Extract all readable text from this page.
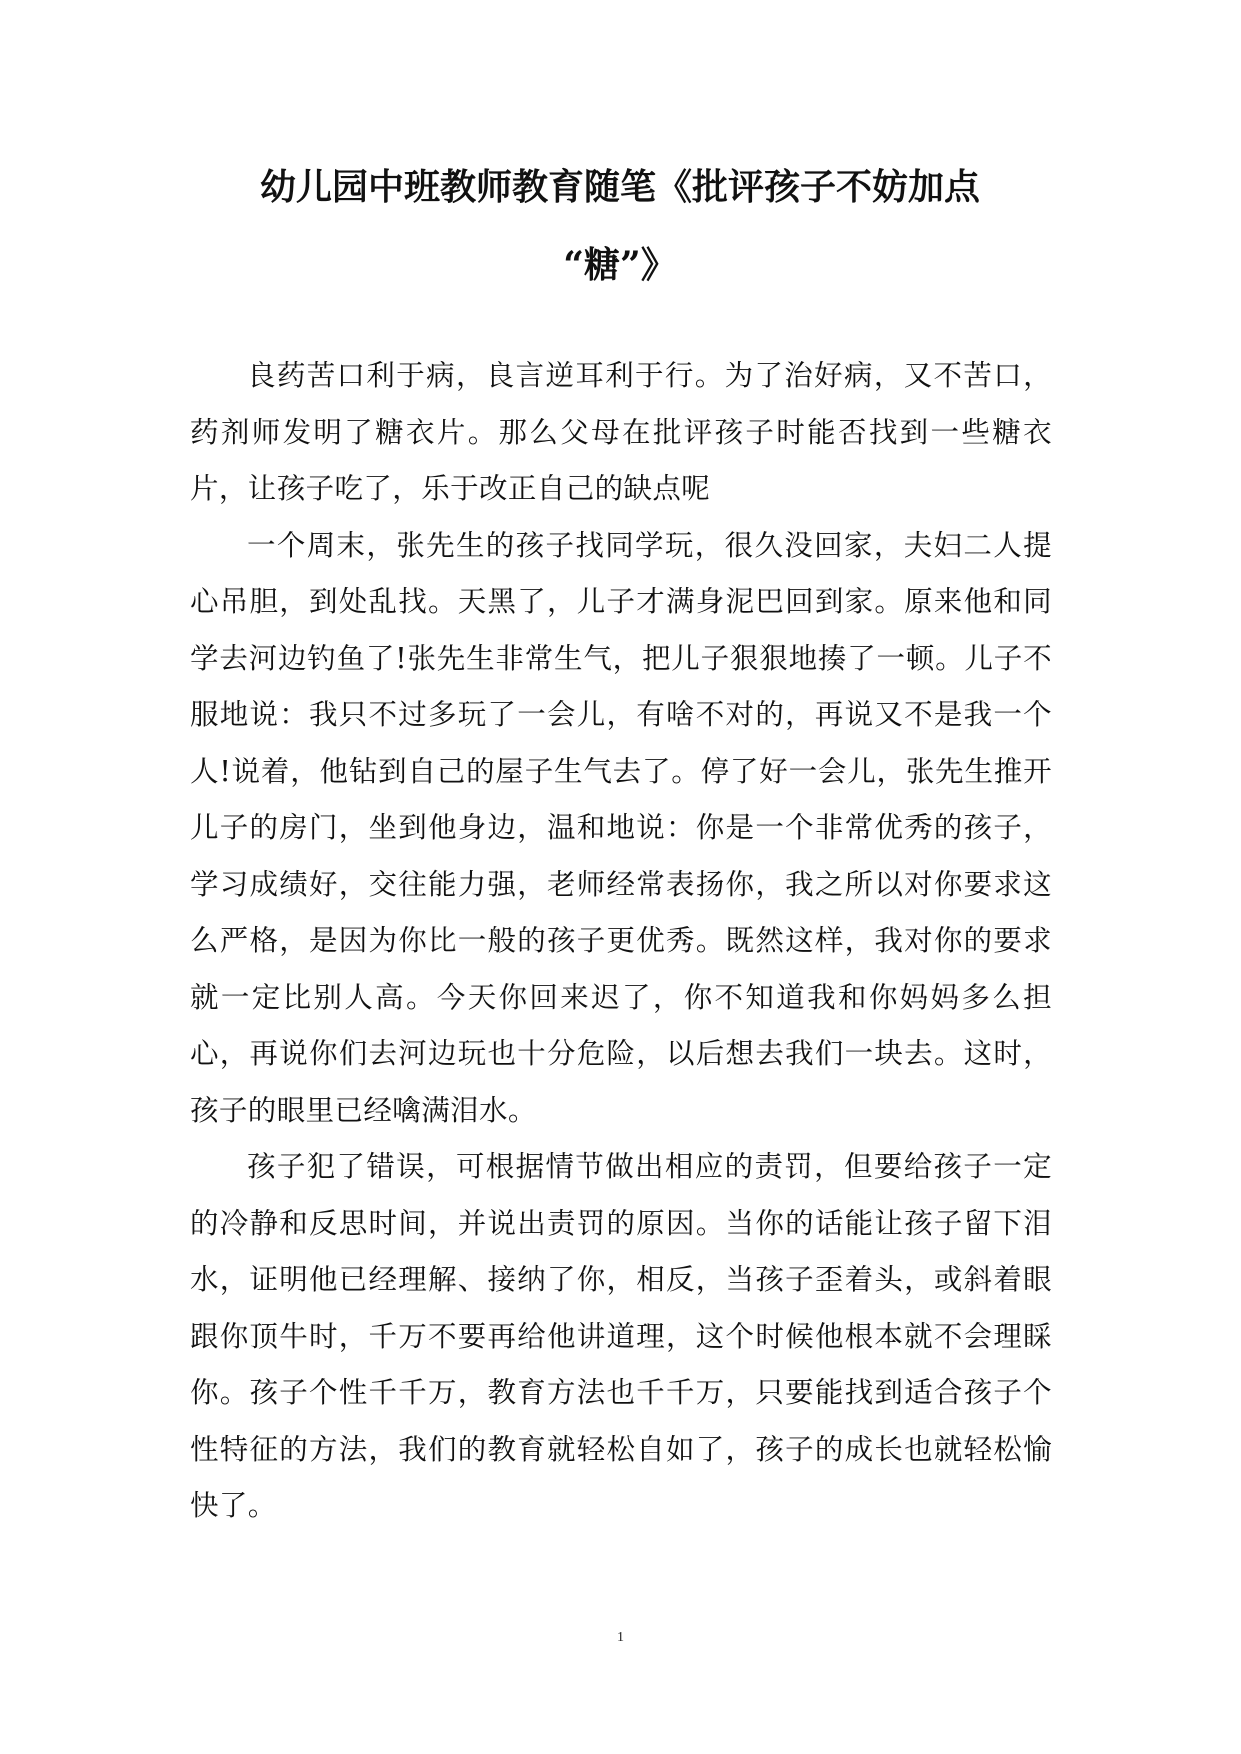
幼儿园中班教师教育随笔《批评孩子不妨加点
“糖”》

良药苦口利于病，良言逆耳利于行。为了治好病，又不苦口，药剂师发明了糖衣片。那么父母在批评孩子时能否找到一些糖衣片，让孩子吃了，乐于改正自己的缺点呢

一个周末，张先生的孩子找同学玩，很久没回家，夫妇二人提心吊胆，到处乱找。天黑了，儿子才满身泥巴回到家。原来他和同学去河边钓鱼了!张先生非常生气，把儿子狠狠地揍了一顿。儿子不服地说：我只不过多玩了一会儿，有啥不对的，再说又不是我一个人!说着，他钻到自己的屋子生气去了。停了好一会儿，张先生推开儿子的房门，坐到他身边，温和地说：你是一个非常优秀的孩子，学习成绩好，交往能力强，老师经常表扬你，我之所以对你要求这么严格，是因为你比一般的孩子更优秀。既然这样，我对你的要求就一定比别人高。今天你回来迟了，你不知道我和你妈妈多么担心，再说你们去河边玩也十分危险，以后想去我们一块去。这时，孩子的眼里已经噙满泪水。

孩子犯了错误，可根据情节做出相应的责罚，但要给孩子一定的冷静和反思时间，并说出责罚的原因。当你的话能让孩子留下泪水，证明他已经理解、接纳了你，相反，当孩子歪着头，或斜着眼跟你顶牛时，千万不要再给他讲道理，这个时候他根本就不会理睬你。孩子个性千千万，教育方法也千千万，只要能找到适合孩子个性特征的方法，我们的教育就轻松自如了，孩子的成长也就轻松愉快了。

1
